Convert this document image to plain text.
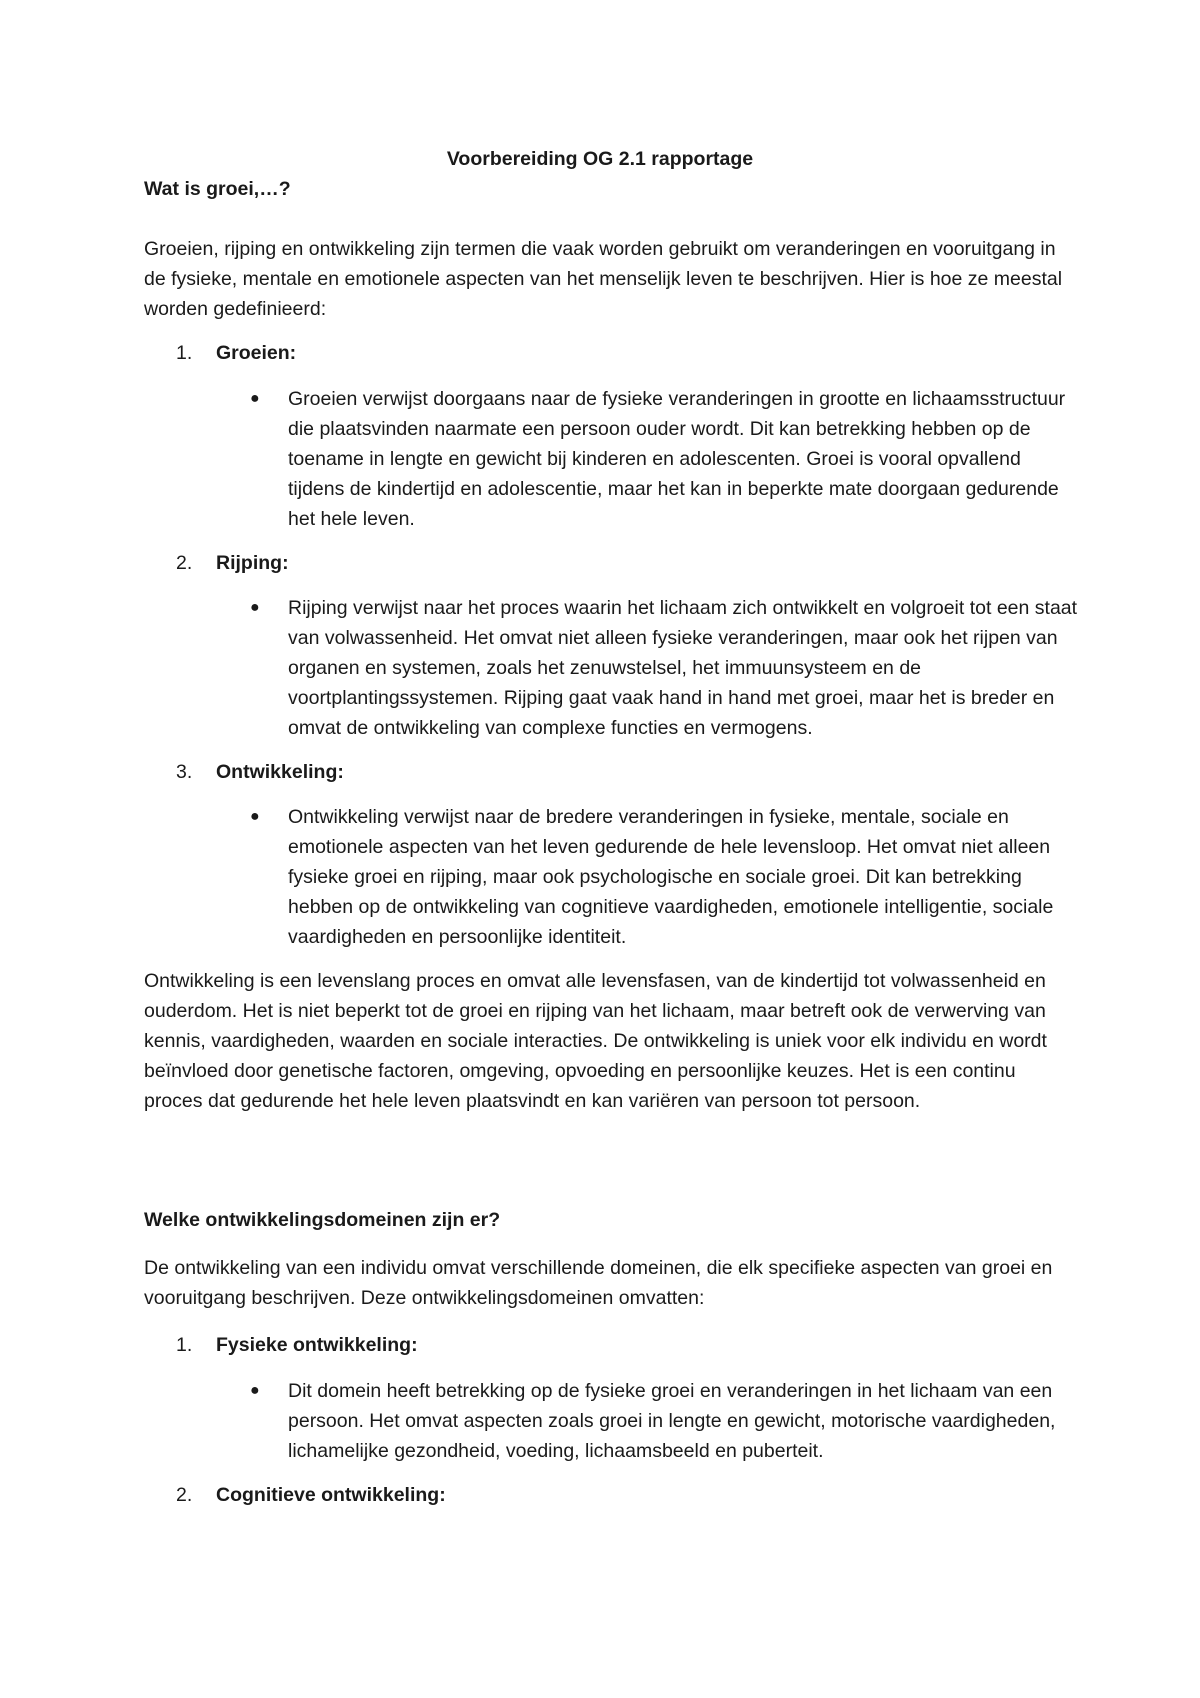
Voorbereiding OG 2.1 rapportage

Wat is groei,…?

Groeien, rijping en ontwikkeling zijn termen die vaak worden gebruikt om veranderingen en vooruitgang in de fysieke, mentale en emotionele aspecten van het menselijk leven te beschrijven. Hier is hoe ze meestal worden gedefinieerd:

1. Groeien:
● Groeien verwijst doorgaans naar de fysieke veranderingen in grootte en lichaamsstructuur die plaatsvinden naarmate een persoon ouder wordt. Dit kan betrekking hebben op de toename in lengte en gewicht bij kinderen en adolescenten. Groei is vooral opvallend tijdens de kindertijd en adolescentie, maar het kan in beperkte mate doorgaan gedurende het hele leven.

2. Rijping:
● Rijping verwijst naar het proces waarin het lichaam zich ontwikkelt en volgroeit tot een staat van volwassenheid. Het omvat niet alleen fysieke veranderingen, maar ook het rijpen van organen en systemen, zoals het zenuwstelsel, het immuunsysteem en de voortplantingssystemen. Rijping gaat vaak hand in hand met groei, maar het is breder en omvat de ontwikkeling van complexe functies en vermogens.

3. Ontwikkeling:
● Ontwikkeling verwijst naar de bredere veranderingen in fysieke, mentale, sociale en emotionele aspecten van het leven gedurende de hele levensloop. Het omvat niet alleen fysieke groei en rijping, maar ook psychologische en sociale groei. Dit kan betrekking hebben op de ontwikkeling van cognitieve vaardigheden, emotionele intelligentie, sociale vaardigheden en persoonlijke identiteit.

Ontwikkeling is een levenslang proces en omvat alle levensfasen, van de kindertijd tot volwassenheid en ouderdom. Het is niet beperkt tot de groei en rijping van het lichaam, maar betreft ook de verwerving van kennis, vaardigheden, waarden en sociale interacties. De ontwikkeling is uniek voor elk individu en wordt beïnvloed door genetische factoren, omgeving, opvoeding en persoonlijke keuzes. Het is een continu proces dat gedurende het hele leven plaatsvindt en kan variëren van persoon tot persoon.

Welke ontwikkelingsdomeinen zijn er?

De ontwikkeling van een individu omvat verschillende domeinen, die elk specifieke aspecten van groei en vooruitgang beschrijven. Deze ontwikkelingsdomeinen omvatten:

1. Fysieke ontwikkeling:
● Dit domein heeft betrekking op de fysieke groei en veranderingen in het lichaam van een persoon. Het omvat aspecten zoals groei in lengte en gewicht, motorische vaardigheden, lichamelijke gezondheid, voeding, lichaamsbeeld en puberteit.

2. Cognitieve ontwikkeling:
